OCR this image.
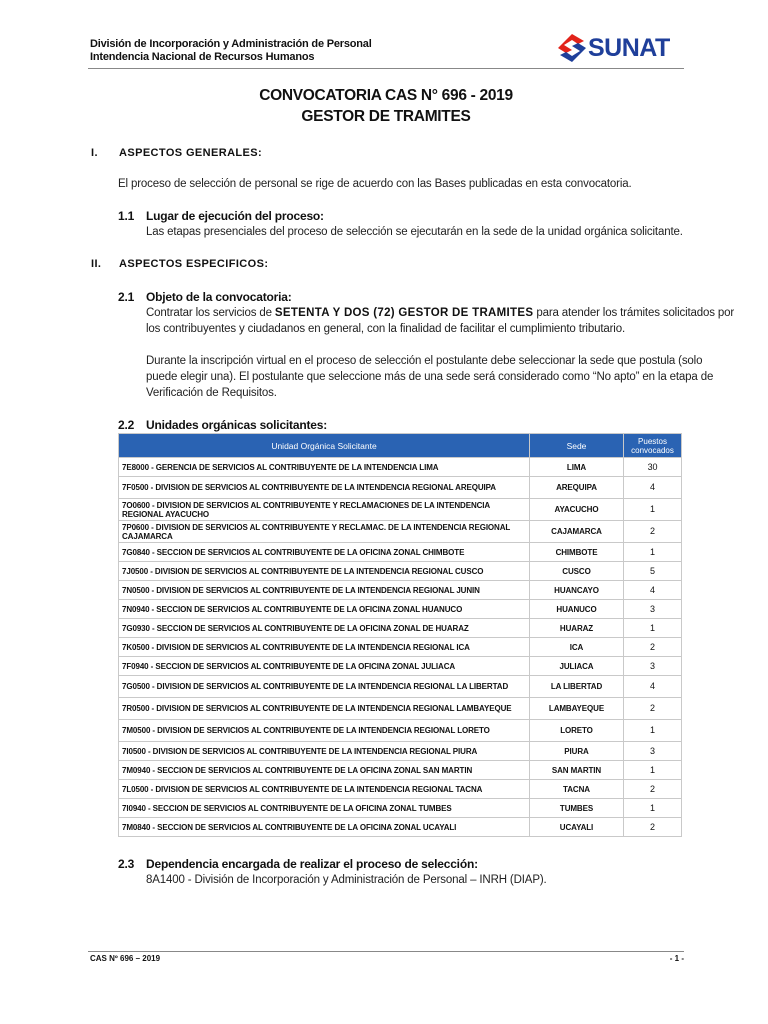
División de Incorporación y Administración de Personal
Intendencia Nacional de Recursos Humanos	SUNAT
CONVOCATORIA CAS N° 696 - 2019
GESTOR DE TRAMITES
I. ASPECTOS GENERALES:
El proceso de selección de personal se rige de acuerdo con las Bases publicadas en esta convocatoria.
1.1 Lugar de ejecución del proceso:
Las etapas presenciales del proceso de selección se ejecutarán en la sede de la unidad orgánica solicitante.
II. ASPECTOS ESPECIFICOS:
2.1 Objeto de la convocatoria:
Contratar los servicios de SETENTA Y DOS (72) GESTOR DE TRAMITES para atender los trámites solicitados por
los contribuyentes y ciudadanos en general, con la finalidad de facilitar el cumplimiento tributario.
Durante la inscripción virtual en el proceso de selección el postulante debe seleccionar la sede que postula (solo
puede elegir una). El postulante que seleccione más de una sede será considerado como “No apto” en la etapa de
Verificación de Requisitos.
2.2 Unidades orgánicas solicitantes:
Unidad Orgánica Solicitante	Sede	Puestos convocados
7E8000 - GERENCIA DE SERVICIOS AL CONTRIBUYENTE DE LA INTENDENCIA LIMA	LIMA	30
7F0500 - DIVISION DE SERVICIOS AL CONTRIBUYENTE DE LA INTENDENCIA REGIONAL AREQUIPA	AREQUIPA	4
7O0600 - DIVISION DE SERVICIOS AL CONTRIBUYENTE Y RECLAMACIONES DE LA INTENDENCIA REGIONAL AYACUCHO	AYACUCHO	1
7P0600 - DIVISION DE SERVICIOS AL CONTRIBUYENTE Y RECLAMAC. DE LA INTENDENCIA REGIONAL CAJAMARCA	CAJAMARCA	2
7G0840 - SECCION DE SERVICIOS AL CONTRIBUYENTE DE LA OFICINA ZONAL CHIMBOTE	CHIMBOTE	1
7J0500 - DIVISION DE SERVICIOS AL CONTRIBUYENTE DE LA INTENDENCIA REGIONAL CUSCO	CUSCO	5
7N0500 - DIVISION DE SERVICIOS AL CONTRIBUYENTE DE LA INTENDENCIA REGIONAL JUNIN	HUANCAYO	4
7N0940 - SECCION DE SERVICIOS AL CONTRIBUYENTE DE LA OFICINA ZONAL HUANUCO	HUANUCO	3
7G0930 - SECCION DE SERVICIOS AL CONTRIBUYENTE DE LA OFICINA ZONAL DE HUARAZ	HUARAZ	1
7K0500 - DIVISION DE SERVICIOS AL CONTRIBUYENTE DE LA INTENDENCIA REGIONAL ICA	ICA	2
7F0940 - SECCION DE SERVICIOS AL CONTRIBUYENTE DE LA OFICINA ZONAL JULIACA	JULIACA	3
7G0500 - DIVISION DE SERVICIOS AL CONTRIBUYENTE DE LA INTENDENCIA REGIONAL LA LIBERTAD	LA LIBERTAD	4
7R0500 - DIVISION DE SERVICIOS AL CONTRIBUYENTE DE LA INTENDENCIA REGIONAL LAMBAYEQUE	LAMBAYEQUE	2
7M0500 - DIVISION DE SERVICIOS AL CONTRIBUYENTE DE LA INTENDENCIA REGIONAL LORETO	LORETO	1
7I0500 - DIVISION DE SERVICIOS AL CONTRIBUYENTE DE LA INTENDENCIA REGIONAL PIURA	PIURA	3
7M0940 - SECCION DE SERVICIOS AL CONTRIBUYENTE DE LA OFICINA ZONAL SAN MARTIN	SAN MARTIN	1
7L0500 - DIVISION DE SERVICIOS AL CONTRIBUYENTE DE LA INTENDENCIA REGIONAL TACNA	TACNA	2
7I0940 - SECCION DE SERVICIOS AL CONTRIBUYENTE DE LA OFICINA ZONAL TUMBES	TUMBES	1
7M0840 - SECCION DE SERVICIOS AL CONTRIBUYENTE DE LA OFICINA ZONAL UCAYALI	UCAYALI	2
2.3 Dependencia encargada de realizar el proceso de selección:
8A1400 - División de Incorporación y Administración de Personal – INRH (DIAP).
CAS Nº 696 – 2019	- 1 -
